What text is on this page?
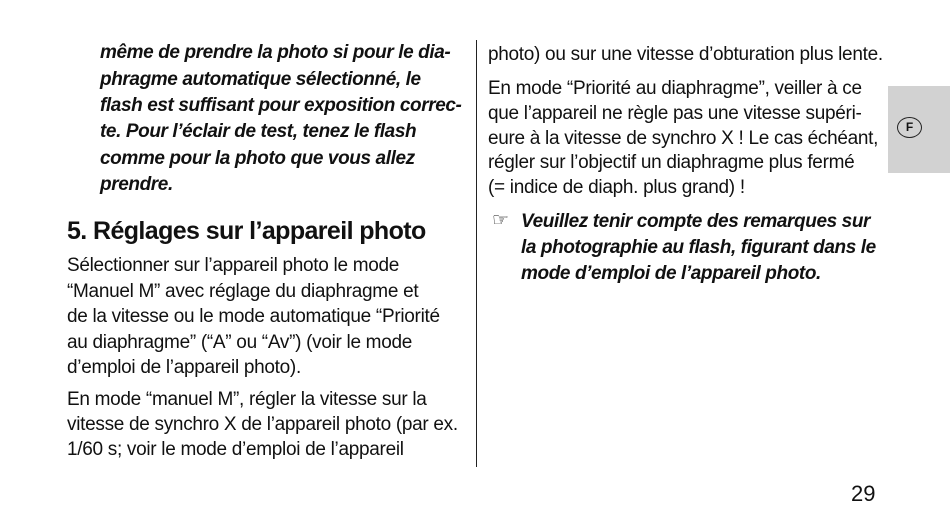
même de prendre la photo si pour le dia-
phragme automatique sélectionné, le
flash est suffisant pour exposition correc-
te. Pour l’éclair de test, tenez le flash
comme pour la photo que vous allez
prendre.
5. Réglages sur l’appareil photo
Sélectionner sur l’appareil photo le mode
“Manuel M” avec réglage du diaphragme et
de la vitesse ou le mode automatique “Priorité
au diaphragme” (“A” ou “Av”) (voir le mode
d’emploi de l’appareil photo).
En mode “manuel M”, régler la vitesse sur la
vitesse de synchro X de l’appareil photo (par ex.
1/60 s; voir le mode d’emploi de l’appareil
photo) ou sur une vitesse d’obturation plus lente.
En mode “Priorité au diaphragme”, veiller à ce
que l’appareil ne règle pas une vitesse supéri-
eure à la vitesse de synchro X ! Le cas échéant,
régler sur l’objectif un diaphragme plus fermé
(= indice de diaph. plus grand) !
☞ Veuillez tenir compte des remarques sur
la photographie au flash, figurant dans le
mode d’emploi de l’appareil photo.
F
29
